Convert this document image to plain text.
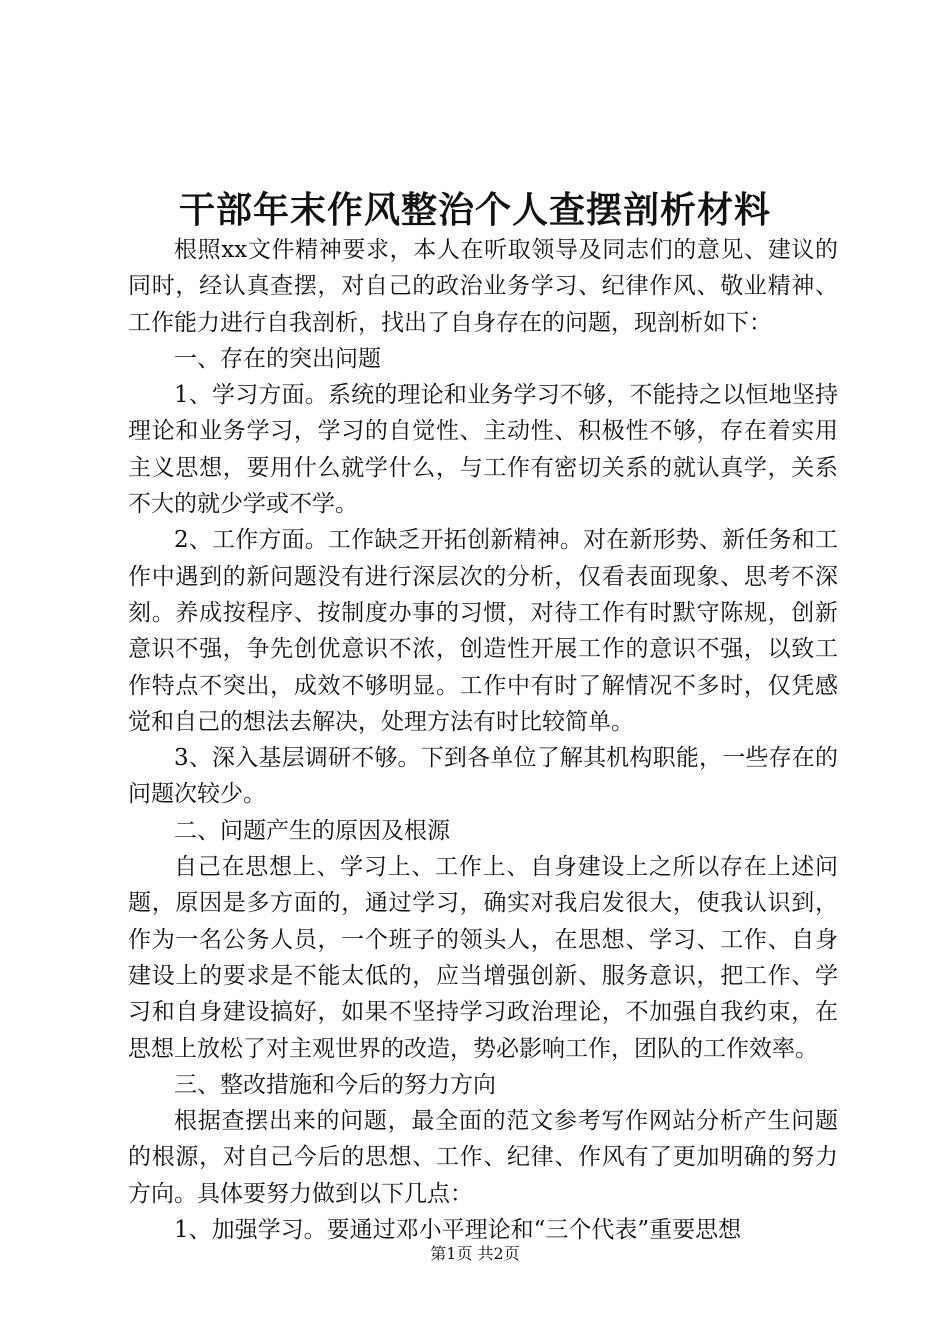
干部年末作风整治个人查摆剖析材料

根照xx文件精神要求，本人在听取领导及同志们的意见、建议的同时，经认真查摆，对自己的政治业务学习、纪律作风、敬业精神、工作能力进行自我剖析，找出了自身存在的问题，现剖析如下：

一、存在的突出问题

1、学习方面。系统的理论和业务学习不够，不能持之以恒地坚持理论和业务学习，学习的自觉性、主动性、积极性不够，存在着实用主义思想，要用什么就学什么，与工作有密切关系的就认真学，关系不大的就少学或不学。

2、工作方面。工作缺乏开拓创新精神。对在新形势、新任务和工作中遇到的新问题没有进行深层次的分析，仅看表面现象、思考不深刻。养成按程序、按制度办事的习惯，对待工作有时默守陈规，创新意识不强，争先创优意识不浓，创造性开展工作的意识不强，以致工作特点不突出，成效不够明显。工作中有时了解情况不多时，仅凭感觉和自己的想法去解决，处理方法有时比较简单。

3、深入基层调研不够。下到各单位了解其机构职能，一些存在的问题次较少。

二、问题产生的原因及根源

自己在思想上、学习上、工作上、自身建设上之所以存在上述问题，原因是多方面的，通过学习，确实对我启发很大，使我认识到，作为一名公务人员，一个班子的领头人，在思想、学习、工作、自身建设上的要求是不能太低的，应当增强创新、服务意识，把工作、学习和自身建设搞好，如果不坚持学习政治理论，不加强自我约束，在思想上放松了对主观世界的改造，势必影响工作，团队的工作效率。

三、整改措施和今后的努力方向

根据查摆出来的问题，最全面的范文参考写作网站分析产生问题的根源，对自己今后的思想、工作、纪律、作风有了更加明确的努力方向。具体要努力做到以下几点：

1、加强学习。要通过邓小平理论和“三个代表”重要思想

第1页 共2页
